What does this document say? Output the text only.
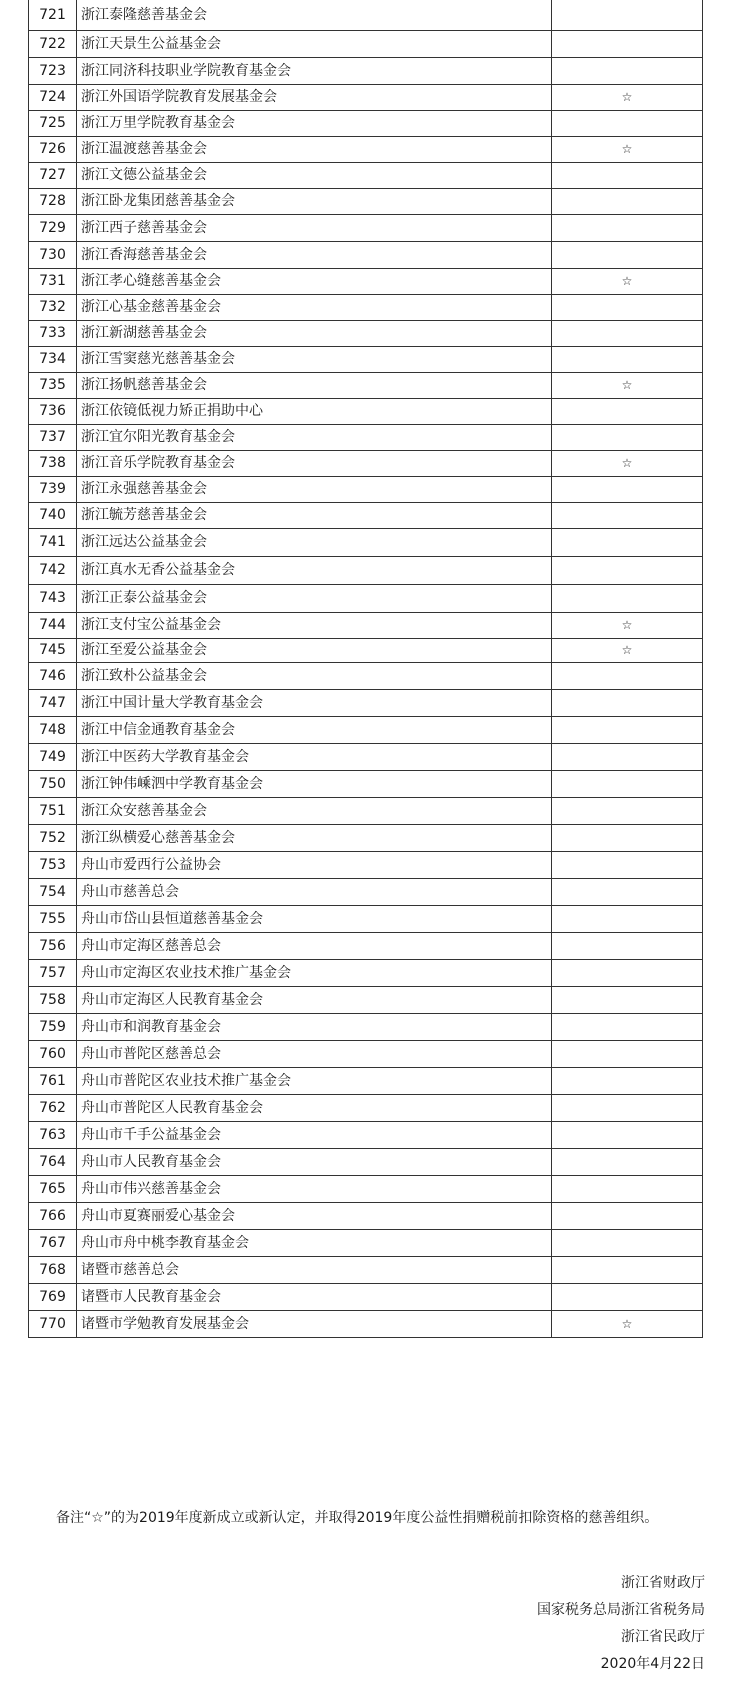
721	浙江泰隆慈善基金会	
722	浙江天景生公益基金会	
723	浙江同济科技职业学院教育基金会	
724	浙江外国语学院教育发展基金会	☆
725	浙江万里学院教育基金会	
726	浙江温渡慈善基金会	☆
727	浙江文德公益基金会	
728	浙江卧龙集团慈善基金会	
729	浙江西子慈善基金会	
730	浙江香海慈善基金会	
731	浙江孝心缝慈善基金会	☆
732	浙江心基金慈善基金会	
733	浙江新湖慈善基金会	
734	浙江雪窦慈光慈善基金会	
735	浙江扬帆慈善基金会	☆
736	浙江依镜低视力矫正捐助中心	
737	浙江宜尔阳光教育基金会	
738	浙江音乐学院教育基金会	☆
739	浙江永强慈善基金会	
740	浙江毓芳慈善基金会	
741	浙江远达公益基金会	
742	浙江真水无香公益基金会	
743	浙江正泰公益基金会	
744	浙江支付宝公益基金会	☆
745	浙江至爱公益基金会	☆
746	浙江致朴公益基金会	
747	浙江中国计量大学教育基金会	
748	浙江中信金通教育基金会	
749	浙江中医药大学教育基金会	
750	浙江钟伟嵊泗中学教育基金会	
751	浙江众安慈善基金会	
752	浙江纵横爱心慈善基金会	
753	舟山市爱西行公益协会	
754	舟山市慈善总会	
755	舟山市岱山县恒道慈善基金会	
756	舟山市定海区慈善总会	
757	舟山市定海区农业技术推广基金会	
758	舟山市定海区人民教育基金会	
759	舟山市和润教育基金会	
760	舟山市普陀区慈善总会	
761	舟山市普陀区农业技术推广基金会	
762	舟山市普陀区人民教育基金会	
763	舟山市千手公益基金会	
764	舟山市人民教育基金会	
765	舟山市伟兴慈善基金会	
766	舟山市夏赛丽爱心基金会	
767	舟山市舟中桃李教育基金会	
768	诸暨市慈善总会	
769	诸暨市人民教育基金会	
770	诸暨市学勉教育发展基金会	☆
备注“☆”的为2019年度新成立或新认定，并取得2019年度公益性捐赠税前扣除资格的慈善组织。
浙江省财政厅
国家税务总局浙江省税务局
浙江省民政厅
2020年4月22日
